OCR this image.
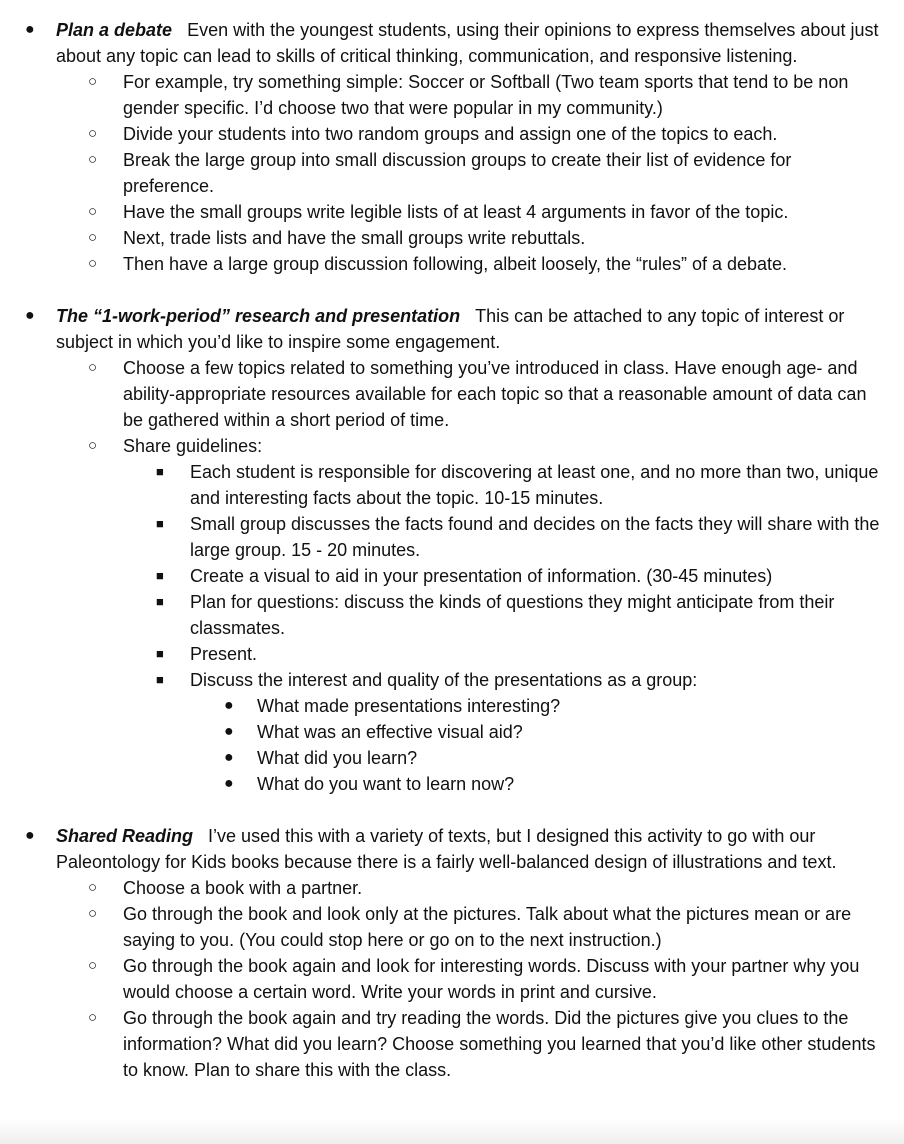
● Plan a debate Even with the youngest students, using their opinions to express themselves about just about any topic can lead to skills of critical thinking, communication, and responsive listening.
○ For example, try something simple: Soccer or Softball (Two team sports that tend to be non gender specific. I’d choose two that were popular in my community.)
○ Divide your students into two random groups and assign one of the topics to each.
○ Break the large group into small discussion groups to create their list of evidence for preference.
○ Have the small groups write legible lists of at least 4 arguments in favor of the topic.
○ Next, trade lists and have the small groups write rebuttals.
○ Then have a large group discussion following, albeit loosely, the “rules” of a debate.
● The “1-work-period” research and presentation This can be attached to any topic of interest or subject in which you’d like to inspire some engagement.
○ Choose a few topics related to something you’ve introduced in class. Have enough age- and ability-appropriate resources available for each topic so that a reasonable amount of data can be gathered within a short period of time.
○ Share guidelines:
■ Each student is responsible for discovering at least one, and no more than two, unique and interesting facts about the topic. 10-15 minutes.
■ Small group discusses the facts found and decides on the facts they will share with the large group. 15 - 20 minutes.
■ Create a visual to aid in your presentation of information. (30-45 minutes)
■ Plan for questions: discuss the kinds of questions they might anticipate from their classmates.
■ Present.
■ Discuss the interest and quality of the presentations as a group:
● What made presentations interesting?
● What was an effective visual aid?
● What did you learn?
● What do you want to learn now?
● Shared Reading I’ve used this with a variety of texts, but I designed this activity to go with our Paleontology for Kids books because there is a fairly well-balanced design of illustrations and text.
○ Choose a book with a partner.
○ Go through the book and look only at the pictures. Talk about what the pictures mean or are saying to you. (You could stop here or go on to the next instruction.)
○ Go through the book again and look for interesting words. Discuss with your partner why you would choose a certain word. Write your words in print and cursive.
○ Go through the book again and try reading the words. Did the pictures give you clues to the information? What did you learn? Choose something you learned that you’d like other students to know. Plan to share this with the class.
